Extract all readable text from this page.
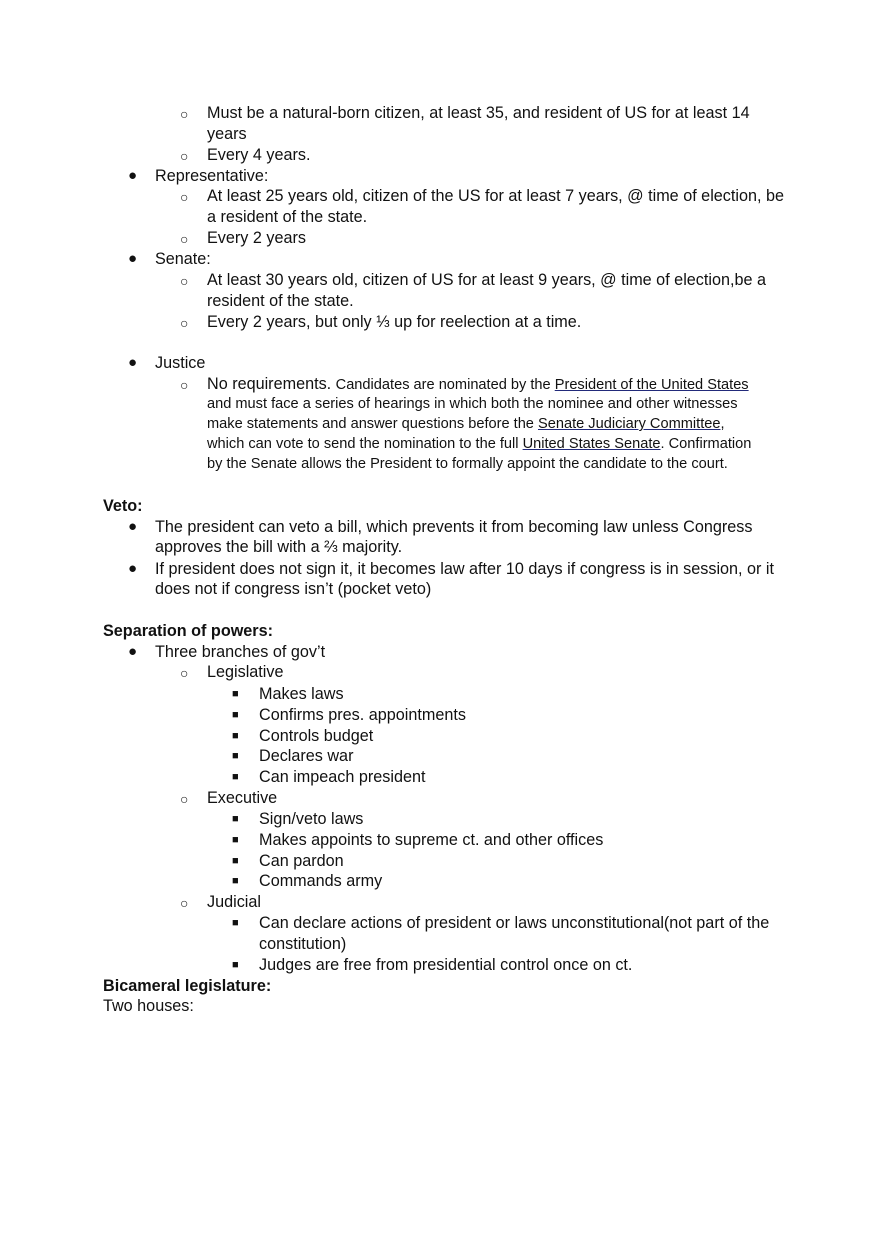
○ Must be a natural-born citizen, at least 35, and resident of US for at least 14
years
○ Every 4 years.
● Representative:
○ At least 25 years old, citizen of the US for at least 7 years, @ time of election, be
a resident of the state.
○ Every 2 years
● Senate:
○ At least 30 years old, citizen of US for at least 9 years, @ time of election,be a
resident of the state.
○ Every 2 years, but only ⅓ up for reelection at a time.
● Justice
○ No requirements. Candidates are nominated by the President of the United States
and must face a series of hearings in which both the nominee and other witnesses
make statements and answer questions before the Senate Judiciary Committee,
which can vote to send the nomination to the full United States Senate. Confirmation
by the Senate allows the President to formally appoint the candidate to the court.
Veto:
● The president can veto a bill, which prevents it from becoming law unless Congress
approves the bill with a ⅔ majority.
● If president does not sign it, it becomes law after 10 days if congress is in session, or it
does not if congress isn’t (pocket veto)
Separation of powers:
● Three branches of gov’t
○ Legislative
■ Makes laws
■ Confirms pres. appointments
■ Controls budget
■ Declares war
■ Can impeach president
○ Executive
■ Sign/veto laws
■ Makes appoints to supreme ct. and other offices
■ Can pardon
■ Commands army
○ Judicial
■ Can declare actions of president or laws unconstitutional(not part of the
constitution)
■ Judges are free from presidential control once on ct.
Bicameral legislature:
Two houses:
